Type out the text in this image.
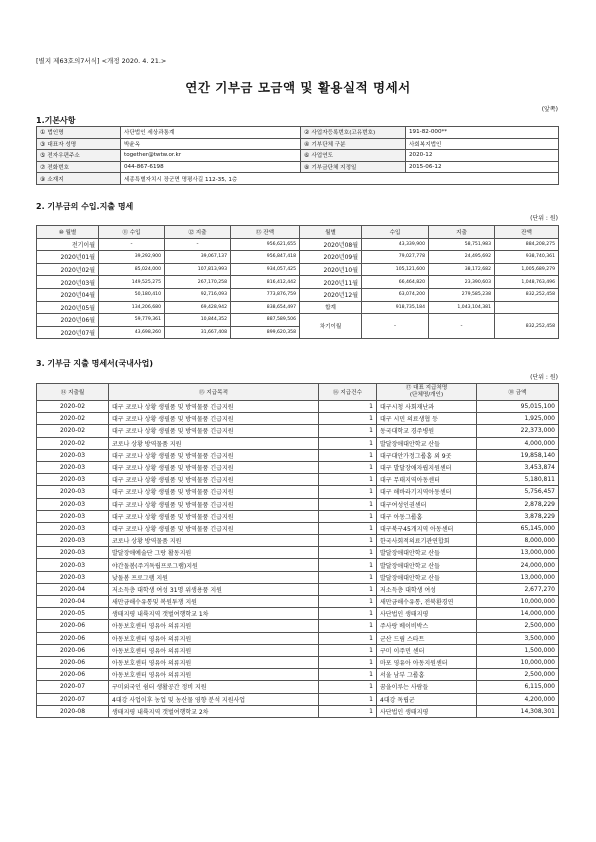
[별지 제63호의7서식] <개정 2020. 4. 21.>
연간 기부금 모금액 및 활용실적 명세서
(앞쪽)
1.기본사항
① 법인명	사단법인 세상과통계	② 사업자등록번호(고유번호)	191-82-000**
③ 대표자 성명	박윤옥	④ 기부단체 구분	사회복지법인
⑤ 전자우편주소	together@twtw.or.kr	⑥ 사업연도	2020-12
⑦ 전화번호	044-867-6198	⑧ 기부금단체 지정일	2015-06-12
⑨ 소재지	세종특별자치시 장군면 명평사길 112-35, 1층		
2. 기부금의 수입.지출 명세
(단위 : 원)
⑩ 월별	⑪ 수입	⑫ 지출	⑬ 잔액	월별	수입	지출	잔액
전기이월	-	-	956,621,655	2020년08월	43,339,900	58,751,983	884,208,275
2020년01월	39,292,900	39,067,137	956,847,418	2020년09월	79,027,778	24,495,692	938,740,361
2020년02월	85,024,000	107,813,993	934,057,425	2020년10월	105,121,600	38,172,682	1,005,689,279
2020년03월	149,525,275	267,170,258	816,412,442	2020년11월	66,464,820	23,390,603	1,048,763,496
2020년04월	50,180,410	92,716,093	773,876,759	2020년12월	63,074,200	279,585,238	832,252,458
2020년05월	134,206,680	69,428,942	838,654,497	합계	918,735,184	1,043,104,381	
2020년06월	59,779,361	10,844,352	887,589,506	차기이월	-	-	832,252,458
2020년07월	43,698,260	31,667,408	899,620,358				
3. 기부금 지출 명세서(국내사업)
(단위 : 원)
⑭ 지출월	⑮ 지급목적	⑯ 지급건수	⑰ 대표 지급처명
(단체명/개인)	⑱ 금액
2020-02	대구 코로나 상황 생필품 및 방역물품 긴급지원	1	대구시청 사회재난과	95,015,100
2020-02	대구 코로나 상황 생필품 및 방역물품 긴급지원	1	대구 시민 의료생협 등	1,925,000
2020-02	대구 코로나 상황 생필품 및 방역물품 긴급지원	1	동국대학교 경주병원	22,373,000
2020-02	코로나 상황 방역물품 지원	1	발달장애대안학교 산들	4,000,000
2020-03	대구 코로나 상황 생필품 및 방역물품 긴급지원	1	대구대안가정그룹홈 외 9곳	19,858,140
2020-03	대구 코로나 상황 생필품 및 방역물품 긴급지원	1	대구 발달장애자립지원센터	3,453,874
2020-03	대구 코로나 상황 생필품 및 방역물품 긴급지원	1	대구 무태지역아동센터	5,180,811
2020-03	대구 코로나 상황 생필품 및 방역물품 긴급지원	1	대구 해바라기지역아동센터	5,756,457
2020-03	대구 코로나 상황 생필품 및 방역물품 긴급지원	1	대구여성인권센터	2,878,229
2020-03	대구 코로나 상황 생필품 및 방역물품 긴급지원	1	대구 아동그룹홈	3,878,229
2020-03	대구 코로나 상황 생필품 및 방역물품 긴급지원	1	대구북구45개지역 아동센터	65,145,000
2020-03	코로나 상황 방역물품 지원	1	한국사회적의료기관연합회	8,000,000
2020-03	발달장애예술단 그랑 활동지원	1	발달장애대안학교 산들	13,000,000
2020-03	야간돌봄(주거독립프로그램)지원	1	발달장애대안학교 산들	24,000,000
2020-03	낮돌봄 프로그램 지원	1	발달장애대안학교 산들	13,000,000
2020-04	저소득층 대학생 여성 31명 위생용품 지원	1	저소득층 대학생 여성	2,677,270
2020-04	새만금해수유통및 복원투쟁 지원	1	새만금해수유통, 전북환경연	10,000,000
2020-05	생태지평 내륙지역 갯벌여행학교 1차	1	사단법인 생태지평	14,000,000
2020-06	아동보호센터 영유아 의류지원	1	주사랑 베이비박스	2,500,000
2020-06	아동보호센터 영유아 의류지원	1	군산 드림 스타트	3,500,000
2020-06	아동보호센터 영유아 의류지원	1	구미 이주민 센터	1,500,000
2020-06	아동보호센터 영유아 의류지원	1	마포 영유아 아동지원센터	10,000,000
2020-06	아동보호센터 영유아 의류지원	1	서울 남부 그룹홈	2,500,000
2020-07	구미외국인 쉼터 생활공간 정비 지원	1	꿈을이루는 사람들	6,115,000
2020-07	4대강 사업이후 농업 및 농산물 영향 분석 지원사업	1	4대강 독립군	4,200,000
2020-08	생태지평 내륙지역 갯벌여행학교 2차	1	사단법인 생태지평	14,308,301
